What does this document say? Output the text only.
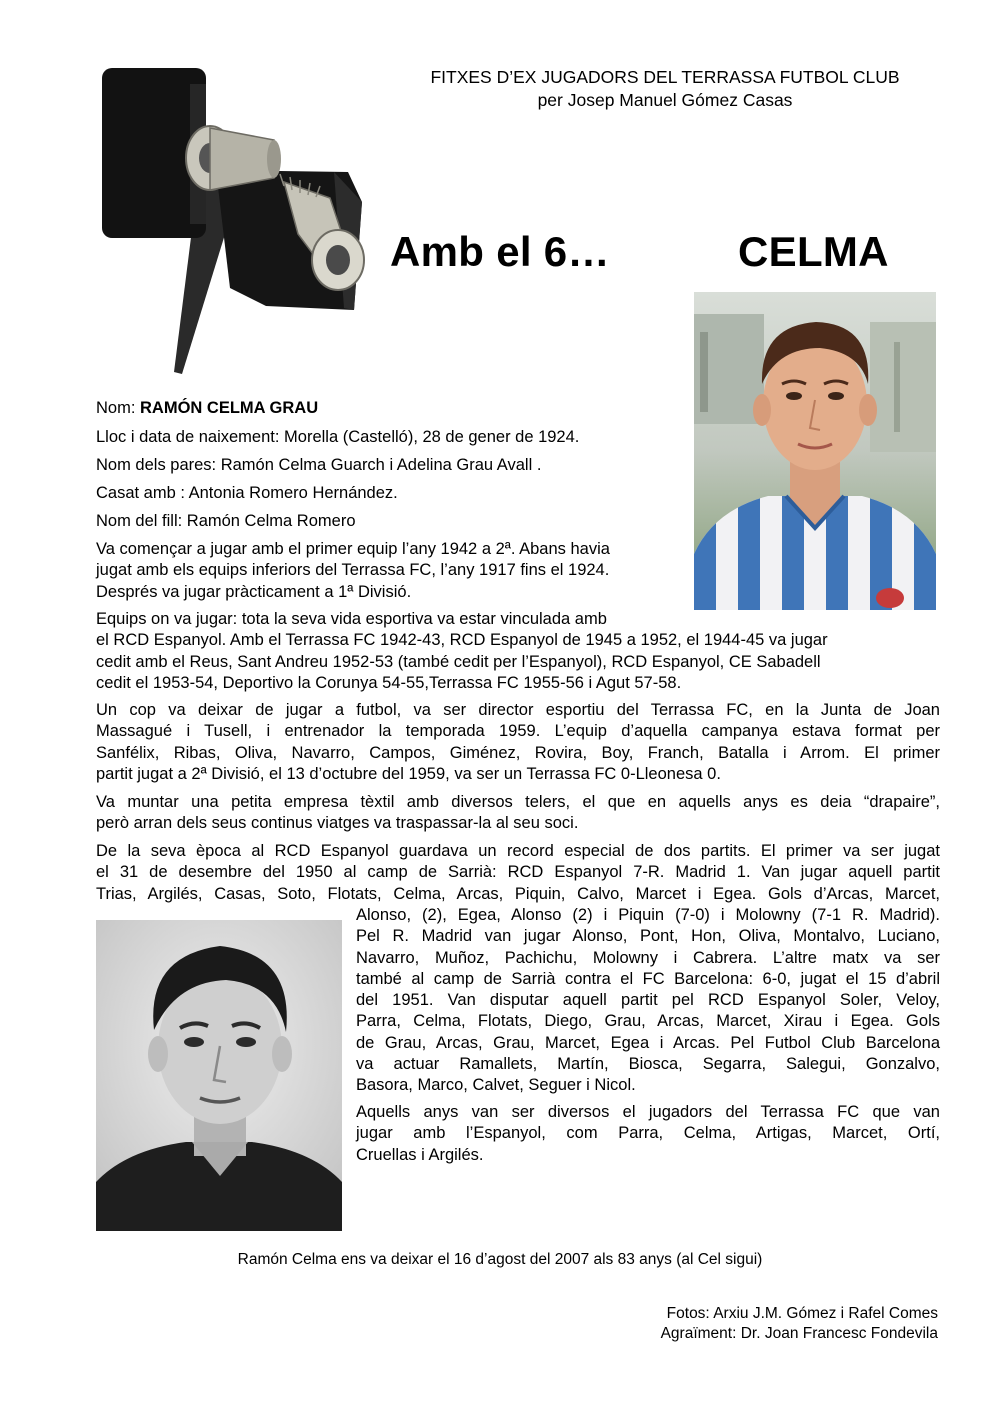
FITXES D’EX JUGADORS DEL TERRASSA FUTBOL CLUB
per Josep Manuel Gómez Casas
Amb el 6…	CELMA
Nom: RAMÓN CELMA GRAU
Lloc i data de naixement: Morella (Castelló), 28 de gener de 1924.
Nom dels pares: Ramón Celma Guarch i Adelina Grau Avall .
Casat amb : Antonia Romero Hernández.
Nom del fill: Ramón Celma Romero
Va començar a jugar amb el primer equip l’any 1942 a 2ª. Abans havia
jugat amb els equips inferiors del Terrassa FC, l’any 1917 fins el 1924.
Després va jugar pràcticament a 1ª Divisió.
Equips on va jugar: tota la seva vida esportiva va estar vinculada amb
el RCD Espanyol. Amb el Terrassa FC 1942-43, RCD Espanyol de 1945 a 1952, el 1944-45 va jugar
cedit amb el Reus, Sant Andreu 1952-53 (també cedit per l’Espanyol), RCD Espanyol, CE Sabadell
cedit el 1953-54, Deportivo la Corunya 54-55,Terrassa FC 1955-56 i Agut 57-58.
Un cop va deixar de jugar a futbol, va ser director esportiu del Terrassa FC, en la Junta de Joan
Massagué i Tusell, i entrenador la temporada 1959. L’equip d’aquella campanya estava format per
Sanfélix, Ribas, Oliva, Navarro, Campos, Giménez, Rovira, Boy, Franch, Batalla i Arrom. El primer
partit jugat a 2ª Divisió, el 13 d’octubre del 1959, va ser un Terrassa FC 0-Lleonesa 0.
Va muntar una petita empresa tèxtil amb diversos telers, el que en aquells anys es deia “drapaire”,
però arran dels seus continus viatges va traspassar-la al seu soci.
De la seva època al RCD Espanyol guardava un record especial de dos partits. El primer va ser jugat
el 31 de desembre del 1950 al camp de Sarrià: RCD Espanyol 7-R. Madrid 1. Van jugar aquell partit
Trias, Argilés, Casas, Soto, Flotats, Celma, Arcas, Piquin, Calvo, Marcet i Egea. Gols d’Arcas, Marcet,
Alonso, (2), Egea, Alonso (2) i Piquin (7-0) i Molowny (7-1 R. Madrid).
Pel R. Madrid van jugar Alonso, Pont, Hon, Oliva, Montalvo, Luciano,
Navarro, Muñoz, Pachichu, Molowny i Cabrera. L’altre matx va ser
també al camp de Sarrià contra el FC Barcelona: 6-0, jugat el 15 d’abril
del 1951. Van disputar aquell partit pel RCD Espanyol Soler, Veloy,
Parra, Celma, Flotats, Diego, Grau, Arcas, Marcet, Xirau i Egea. Gols
de Grau, Arcas, Grau, Marcet, Egea i Arcas. Pel Futbol Club Barcelona
va actuar Ramallets, Martín, Biosca, Segarra, Salegui, Gonzalvo,
Basora, Marco, Calvet, Seguer i Nicol.
Aquells anys van ser diversos el jugadors del Terrassa FC que van
jugar amb l’Espanyol, com Parra, Celma, Artigas, Marcet, Ortí,
Cruellas i Argilés.
Ramón Celma ens va deixar el 16 d’agost del 2007 als 83 anys (al Cel sigui)
Fotos: Arxiu J.M. Gómez i Rafel Comes
Agraïment: Dr. Joan Francesc Fondevila
